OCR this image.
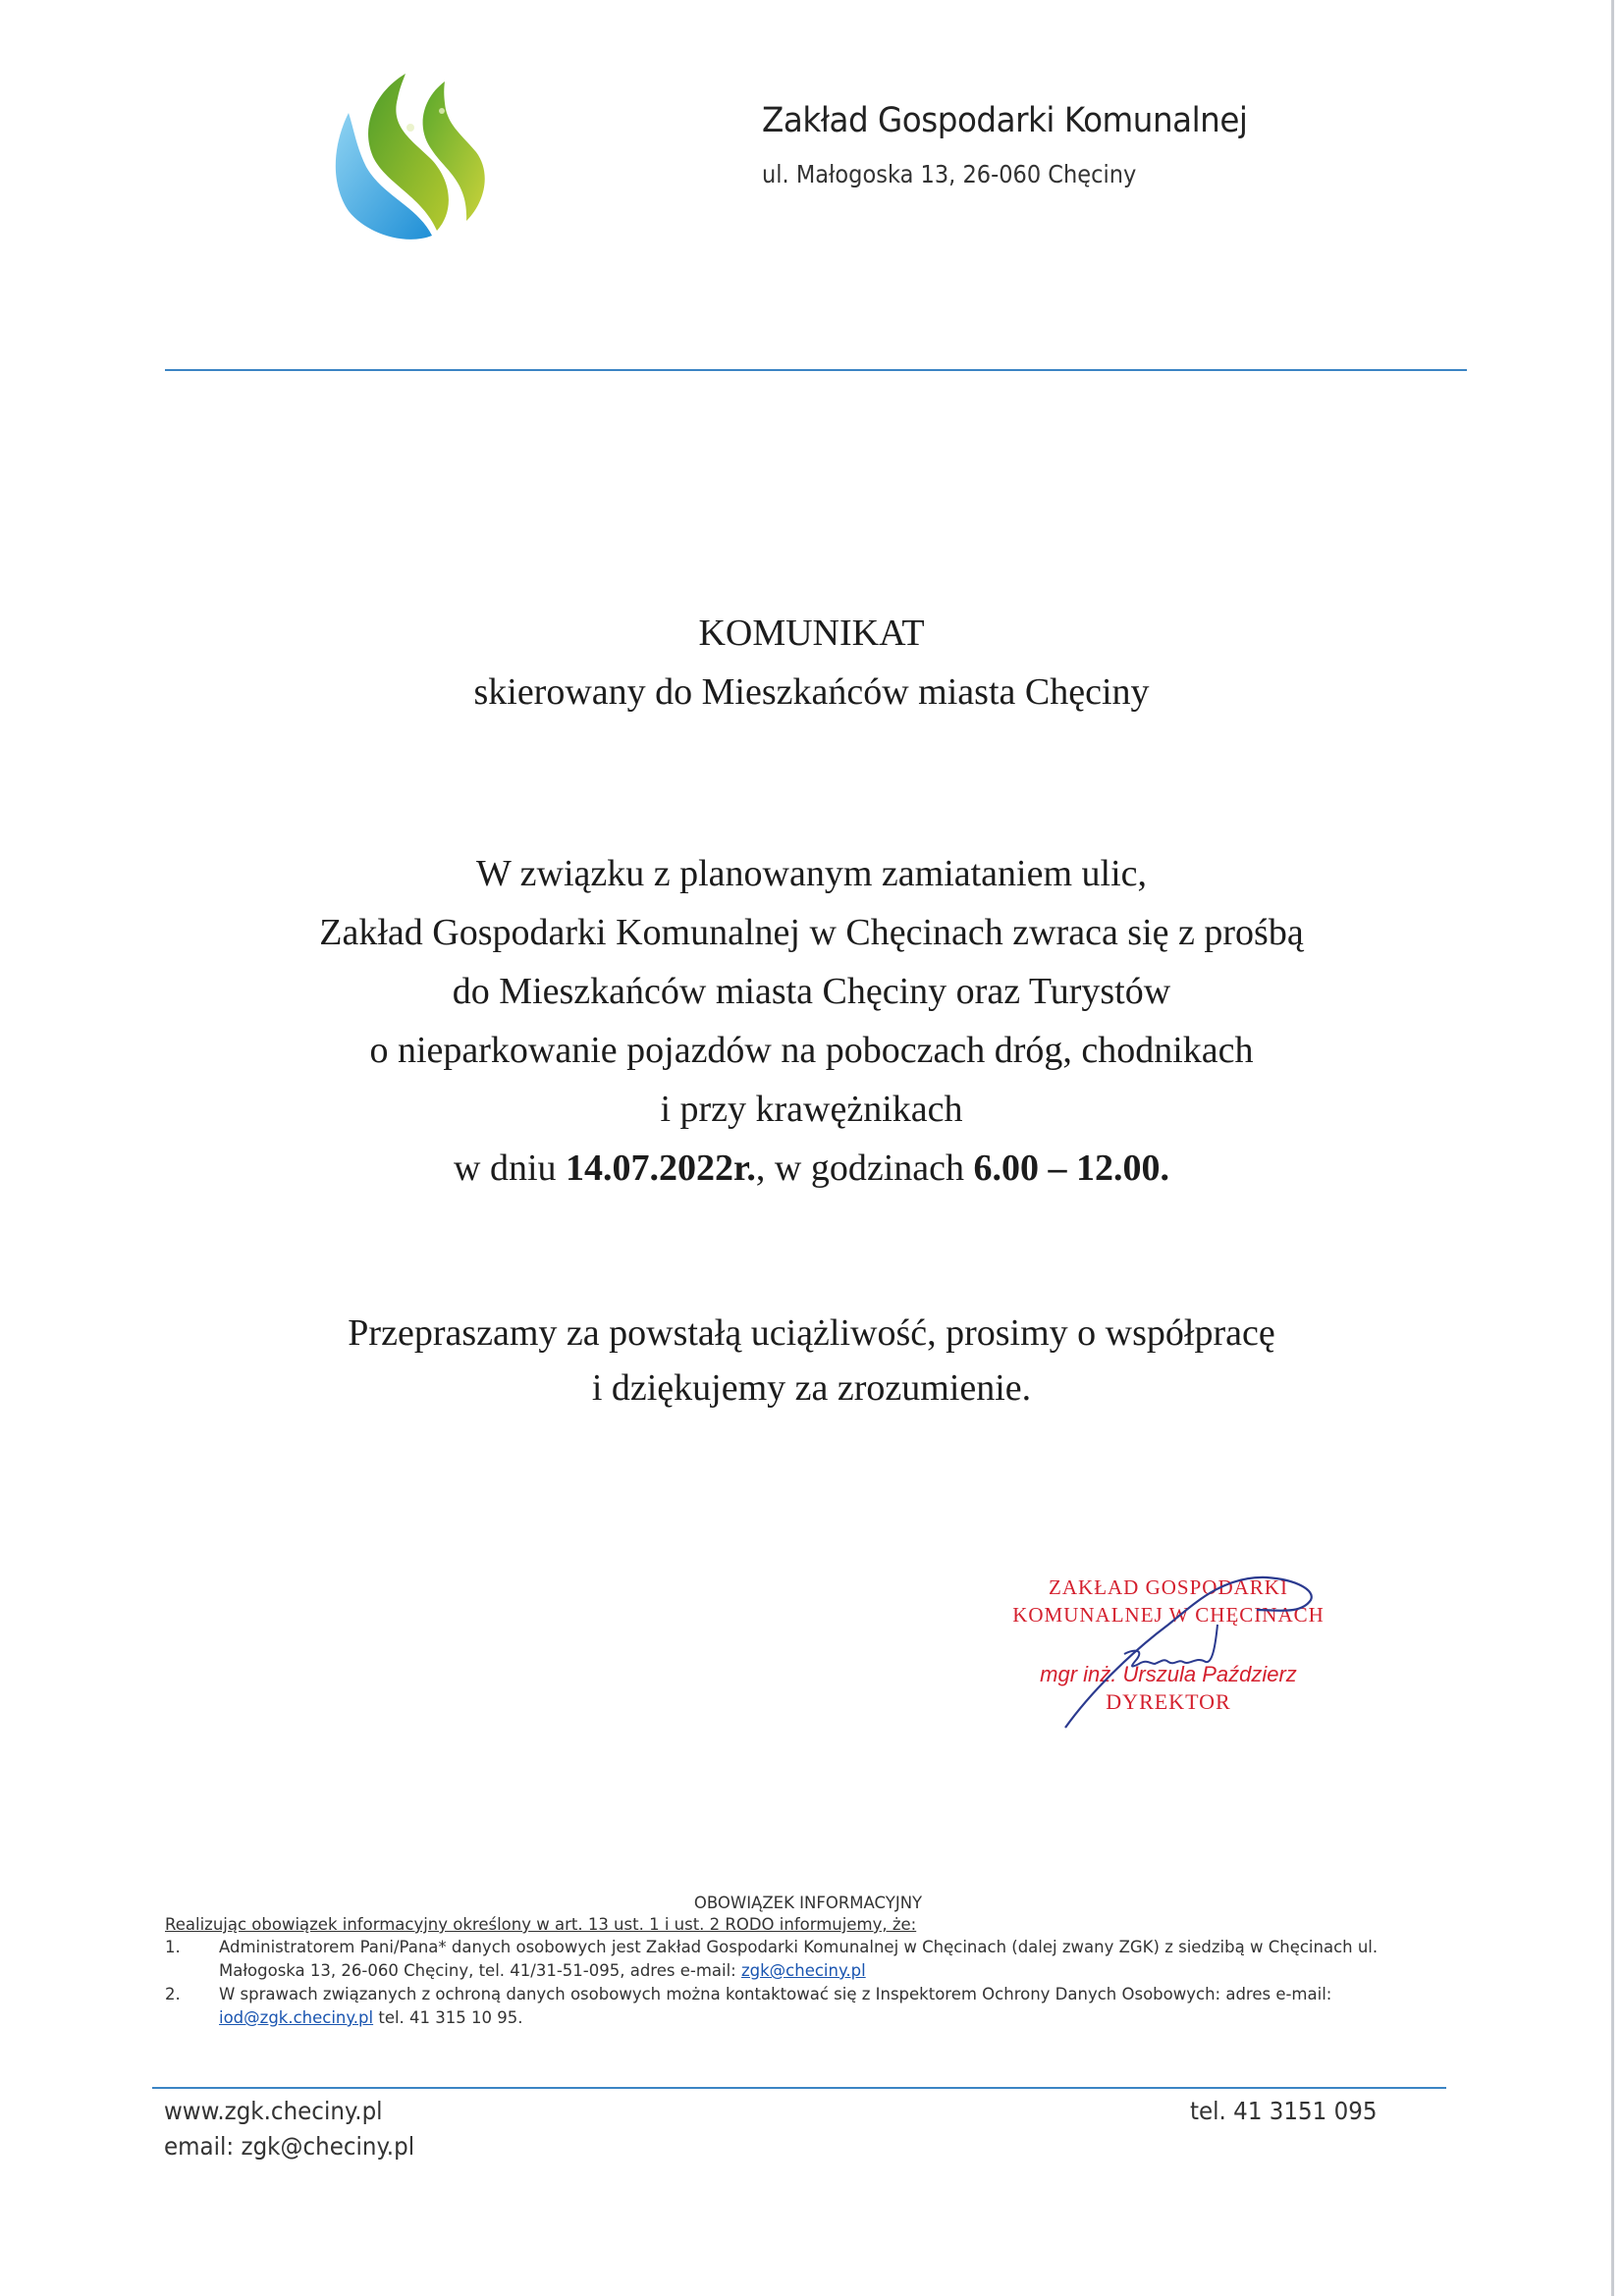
Zakład Gospodarki Komunalnej
ul. Małogoska 13, 26-060 Chęciny
KOMUNIKAT
skierowany do Mieszkańców miasta Chęciny
W związku z planowanym zamiataniem ulic,
Zakład Gospodarki Komunalnej w Chęcinach zwraca się z prośbą
do Mieszkańców miasta Chęciny oraz Turystów
o nieparkowanie pojazdów na poboczach dróg, chodnikach
i przy krawężnikach
w dniu 14.07.2022r., w godzinach 6.00 – 12.00.
Przepraszamy za powstałą uciążliwość, prosimy o współpracę
i dziękujemy za zrozumienie.
ZAKŁAD GOSPODARKI
KOMUNALNEJ W CHĘCINACH
mgr inż. Urszula Paździerz
DYREKTOR
OBOWIĄZEK INFORMACYJNY
Realizując obowiązek informacyjny określony w art. 13 ust. 1 i ust. 2 RODO informujemy, że:
1. Administratorem Pani/Pana* danych osobowych jest Zakład Gospodarki Komunalnej w Chęcinach (dalej zwany ZGK) z siedzibą w Chęcinach ul. Małogoska 13, 26-060 Chęciny, tel. 41/31-51-095, adres e-mail: zgk@checiny.pl
2. W sprawach związanych z ochroną danych osobowych można kontaktować się z Inspektorem Ochrony Danych Osobowych: adres e-mail: iod@zgk.checiny.pl tel. 41 315 10 95.
www.zgk.checiny.pl
email: zgk@checiny.pl
tel. 41 3151 095
